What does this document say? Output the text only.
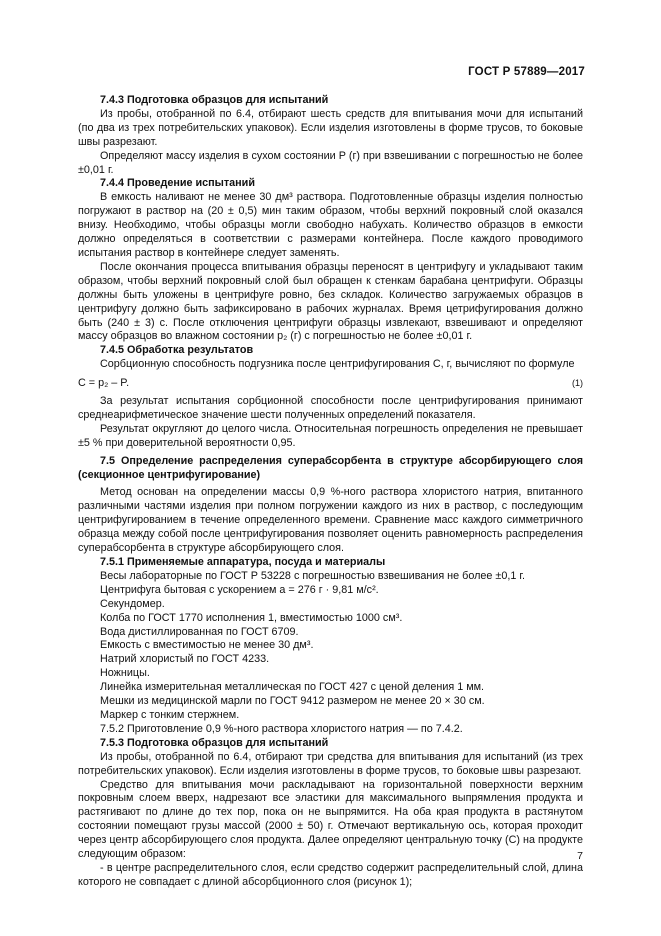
ГОСТ Р 57889—2017

7.4.3 Подготовка образцов для испытаний

Из пробы, отобранной по 6.4, отбирают шесть средств для впитывания мочи для испытаний (по два из трех потребительских упаковок). Если изделия изготовлены в форме трусов, то боковые швы разрезают.

Определяют массу изделия в сухом состоянии P (г) при взвешивании с погрешностью не более ±0,01 г.

7.4.4 Проведение испытаний

В емкость наливают не менее 30 дм³ раствора. Подготовленные образцы изделия полностью погружают в раствор на (20 ± 0,5) мин таким образом, чтобы верхний покровный слой оказался внизу. Необходимо, чтобы образцы могли свободно набухать. Количество образцов в емкости должно определяться в соответствии с размерами контейнера. После каждого проводимого испытания раствор в контейнере следует заменять.

После окончания процесса впитывания образцы переносят в центрифугу и укладывают таким образом, чтобы верхний покровный слой был обращен к стенкам барабана центрифуги. Образцы должны быть уложены в центрифуге ровно, без складок. Количество загружаемых образцов в центрифугу должно быть зафиксировано в рабочих журналах. Время цетрифугирования должно быть (240 ± 3) с. После отключения центрифуги образцы извлекают, взвешивают и определяют массу образцов во влажном состоянии p₂ (г) с погрешностью не более ±0,01 г.

7.4.5 Обработка результатов

Сорбционную способность подгузника после центрифугирования C, г, вычисляют по формуле

C = p₂ – P.	(1)

За результат испытания сорбционной способности после центрифугирования принимают среднеарифметическое значение шести полученных определений показателя.

Результат округляют до целого числа. Относительная погрешность определения не превышает ±5 % при доверительной вероятности 0,95.

7.5 Определение распределения суперабсорбента в структуре абсорбирующего слоя (секционное центрифугирование)

Метод основан на определении массы 0,9 %-ного раствора хлористого натрия, впитанного различными частями изделия при полном погружении каждого из них в раствор, с последующим центрифугированием в течение определенного времени. Сравнение масс каждого симметричного образца между собой после центрифугирования позволяет оценить равномерность распределения суперабсорбента в структуре абсорбирующего слоя.

7.5.1 Применяемые аппаратура, посуда и материалы

Весы лабораторные по ГОСТ Р 53228 с погрешностью взвешивания не более ±0,1 г.

Центрифуга бытовая с ускорением a = 276 г · 9,81 м/с².

Секундомер.

Колба по ГОСТ 1770 исполнения 1, вместимостью 1000 см³.

Вода дистиллированная по ГОСТ 6709.

Емкость с вместимостью не менее 30 дм³.

Натрий хлористый по ГОСТ 4233.

Ножницы.

Линейка измерительная металлическая по ГОСТ 427 с ценой деления 1 мм.

Мешки из медицинской марли по ГОСТ 9412 размером не менее 20 × 30 см.

Маркер с тонким стержнем.

7.5.2 Приготовление 0,9 %-ного раствора хлористого натрия — по 7.4.2.

7.5.3 Подготовка образцов для испытаний

Из пробы, отобранной по 6.4, отбирают три средства для впитывания для испытаний (из трех потребительских упаковок). Если изделия изготовлены в форме трусов, то боковые швы разрезают.

Средство для впитывания мочи раскладывают на горизонтальной поверхности верхним покровным слоем вверх, надрезают все эластики для максимального выпрямления продукта и растягивают по длине до тех пор, пока он не выпрямится. На оба края продукта в растянутом состоянии помещают грузы массой (2000 ± 50) г. Отмечают вертикальную ось, которая проходит через центр абсорбирующего слоя продукта. Далее определяют центральную точку (C) на продукте следующим образом:

- в центре распределительного слоя, если средство содержит распределительный слой, длина которого не совпадает с длиной абсорбционного слоя (рисунок 1);

7
